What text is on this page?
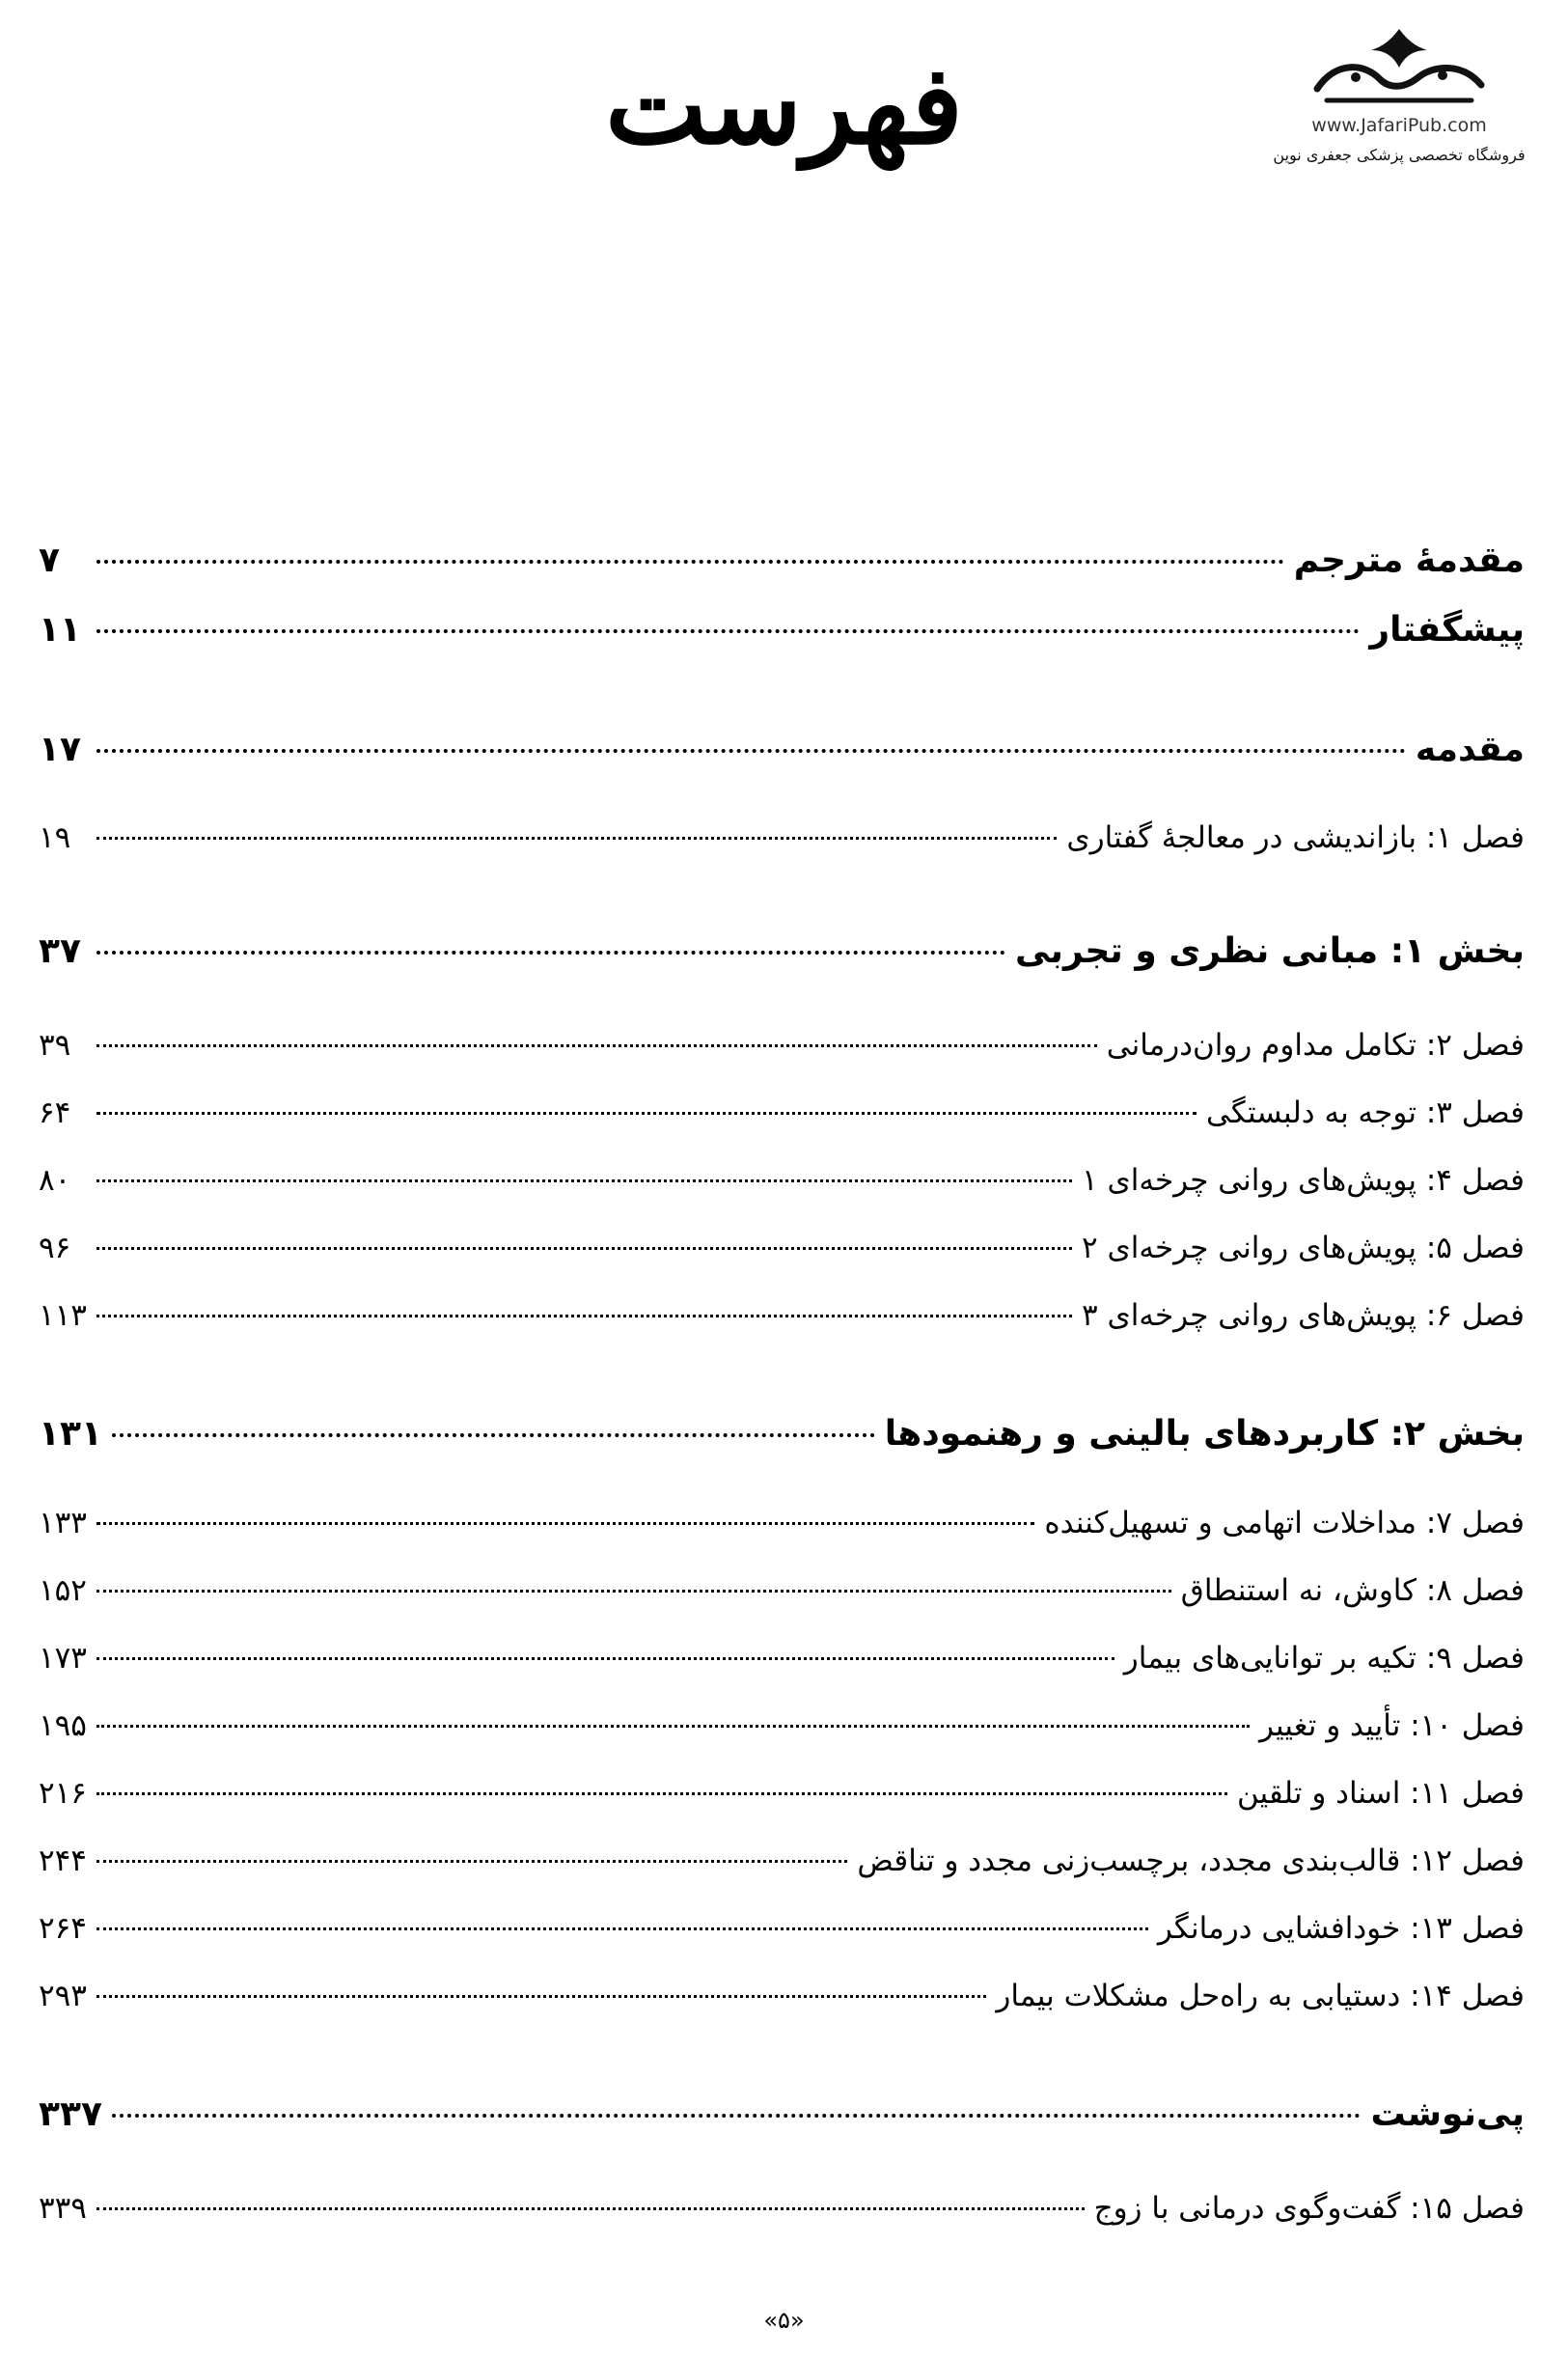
www.JafariPub.com
فروشگاه تخصصی پزشکی جعفری نوین
فهرست
مقدمهٔ مترجم
۷
پیشگفتار
۱۱
مقدمه
۱۷
فصل ۱: بازاندیشی در معالجهٔ گفتاری
۱۹
بخش ۱: مبانی نظری و تجربی
۳۷
فصل ۲: تکامل مداوم روان‌درمانی
۳۹
فصل ۳: توجه به دلبستگی
۶۴
فصل ۴: پویش‌های روانی چرخه‌ای ۱
۸۰
فصل ۵: پویش‌های روانی چرخه‌ای ۲
۹۶
فصل ۶: پویش‌های روانی چرخه‌ای ۳
۱۱۳
بخش ۲: کاربردهای بالینی و رهنمودها
۱۳۱
فصل ۷: مداخلات اتهامی و تسهیل‌کننده
۱۳۳
فصل ۸: کاوش، نه استنطاق
۱۵۲
فصل ۹: تکیه بر توانایی‌های بیمار
۱۷۳
فصل ۱۰: تأیید و تغییر
۱۹۵
فصل ۱۱: اسناد و تلقین
۲۱۶
فصل ۱۲: قالب‌بندی مجدد، برچسب‌زنی مجدد و تناقض
۲۴۴
فصل ۱۳: خودافشایی درمانگر
۲۶۴
فصل ۱۴: دستیابی به راه‌حل مشکلات بیمار
۲۹۳
پی‌نوشت
۳۳۷
فصل ۱۵: گفت‌وگوی درمانی با زوج
۳۳۹
«۵»
